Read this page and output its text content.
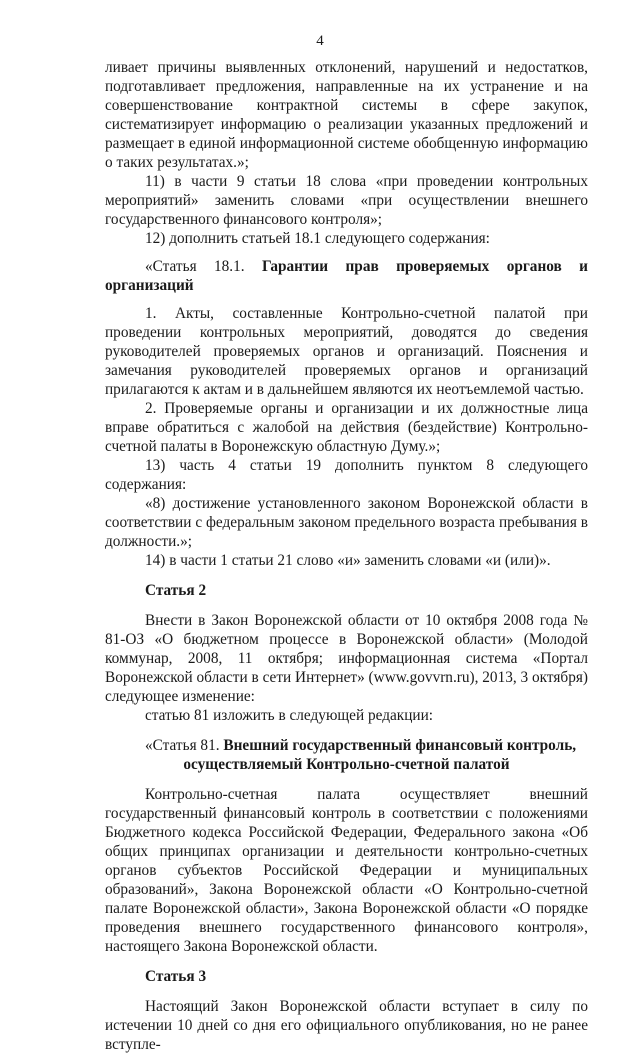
4

ливает причины выявленных отклонений, нарушений и недостатков, подготавливает предложения, направленные на их устранение и на совершенствование контрактной системы в сфере закупок, систематизирует информацию о реализации указанных предложений и размещает в единой информационной системе обобщенную информацию о таких результатах.»;

11) в части 9 статьи 18 слова «при проведении контрольных мероприятий» заменить словами «при осуществлении внешнего государственного финансового контроля»;

12) дополнить статьей 18.1 следующего содержания:

«Статья 18.1. Гарантии прав проверяемых органов и организаций

1. Акты, составленные Контрольно-счетной палатой при проведении контрольных мероприятий, доводятся до сведения руководителей проверяемых органов и организаций. Пояснения и замечания руководителей проверяемых органов и организаций прилагаются к актам и в дальнейшем являются их неотъемлемой частью.

2. Проверяемые органы и организации и их должностные лица вправе обратиться с жалобой на действия (бездействие) Контрольно-счетной палаты в Воронежскую областную Думу.»;

13) часть 4 статьи 19 дополнить пунктом 8 следующего содержания:

«8) достижение установленного законом Воронежской области в соответствии с федеральным законом предельного возраста пребывания в должности.»;

14) в части 1 статьи 21 слово «и» заменить словами «и (или)».

Статья 2

Внести в Закон Воронежской области от 10 октября 2008 года № 81-ОЗ «О бюджетном процессе в Воронежской области» (Молодой коммунар, 2008, 11 октября; информационная система «Портал Воронежской области в сети Интернет» (www.govvrn.ru), 2013, 3 октября) следующее изменение:

статью 81 изложить в следующей редакции:

«Статья 81. Внешний государственный финансовый контроль,

осуществляемый Контрольно-счетной палатой

Контрольно-счетная палата осуществляет внешний государственный финансовый контроль в соответствии с положениями Бюджетного кодекса Российской Федерации, Федерального закона «Об общих принципах организации и деятельности контрольно-счетных органов субъектов Российской Федерации и муниципальных образований», Закона Воронежской области «О Контрольно-счетной палате Воронежской области», Закона Воронежской области «О порядке проведения внешнего государственного финансового контроля», настоящего Закона Воронежской области.

Статья 3

Настоящий Закон Воронежской области вступает в силу по истечении 10 дней со дня его официального опубликования, но не ранее вступле-
